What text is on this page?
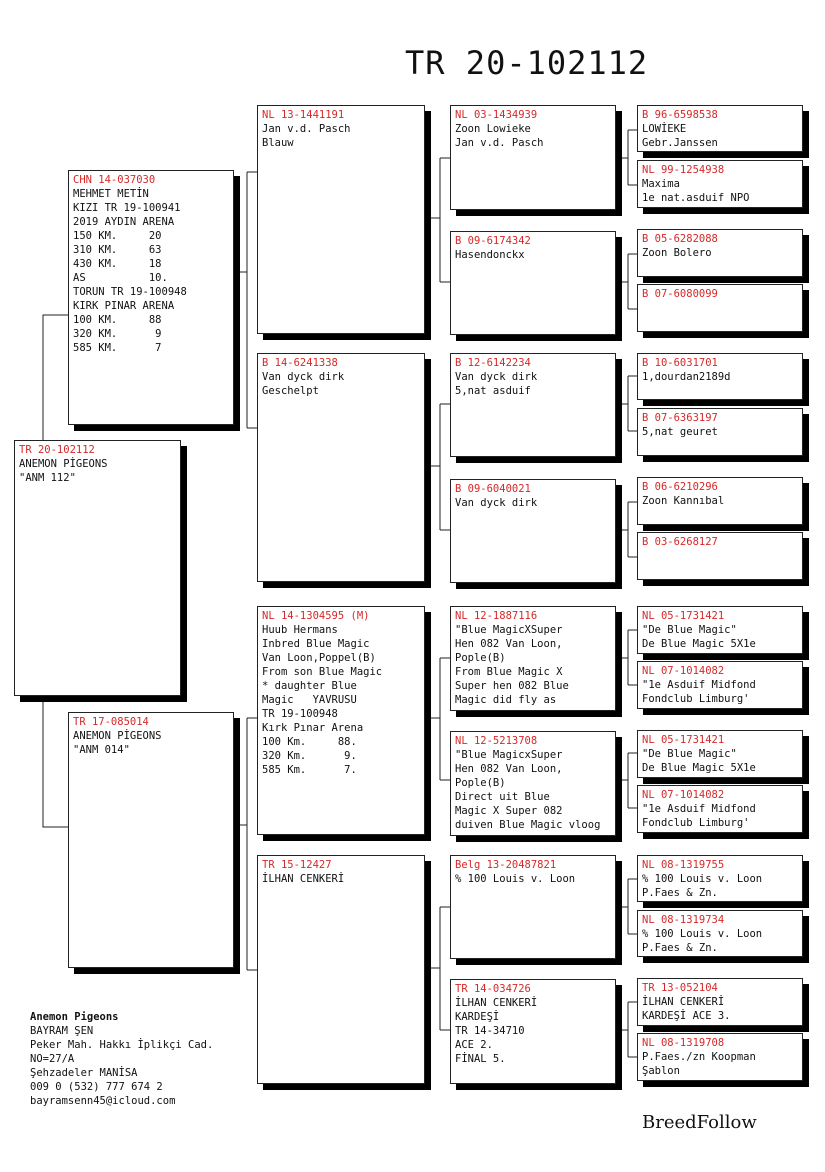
TR 20-102112
TR 20-102112
ANEMON PİGEONS
"ANM 112"
CHN 14-037030
MEHMET METİN
KIZI TR 19-100941
2019 AYDIN ARENA
150 KM.     20
310 KM.     63
430 KM.     18
AS          10.
TORUN TR 19-100948
KIRK PINAR ARENA
100 KM.     88
320 KM.      9
585 KM.      7
TR 17-085014
ANEMON PİGEONS
"ANM 014"
NL 13-1441191
Jan v.d. Pasch
Blauw
B 14-6241338
Van dyck dirk
Geschelpt
NL 14-1304595 (M)
Huub Hermans
Inbred Blue Magic
Van Loon,Poppel(B)
From son Blue Magic
* daughter Blue
Magic   YAVRUSU
TR 19-100948
Kırk Pınar Arena
100 Km.     88.
320 Km.      9.
585 Km.      7.
TR 15-12427
İLHAN CENKERİ
NL 03-1434939
Zoon Lowieke
Jan v.d. Pasch
B 09-6174342
Hasendonckx
B 12-6142234
Van dyck dirk
5,nat asduif
B 09-6040021
Van dyck dirk
NL 12-1887116
"Blue MagicXSuper
Hen 082 Van Loon,
Pople(B)
From Blue Magic X
Super hen 082 Blue
Magic did fly as
NL 12-5213708
"Blue MagicxSuper
Hen 082 Van Loon,
Pople(B)
Direct uit Blue
Magic X Super 082
duiven Blue Magic vloog
Belg 13-20487821
% 100 Louis v. Loon
TR 14-034726
İLHAN CENKERİ
KARDEŞİ
TR 14-34710
ACE 2.
FİNAL 5.
B 96-6598538
LOWİEKE
Gebr.Janssen
NL 99-1254938
Maxima
1e nat.asduif NPO
B 05-6282088
Zoon Bolero
B 07-6080099
B 10-6031701
1,dourdan2189d
B 07-6363197
5,nat geuret
B 06-6210296
Zoon Kannıbal
B 03-6268127
NL 05-1731421
"De Blue Magic"
De Blue Magic 5X1e
NL 07-1014082
"1e Asduif Midfond
Fondclub Limburg'
NL 05-1731421
"De Blue Magic"
De Blue Magic 5X1e
NL 07-1014082
"1e Asduif Midfond
Fondclub Limburg'
NL 08-1319755
% 100 Louis v. Loon
P.Faes & Zn.
NL 08-1319734
% 100 Louis v. Loon
P.Faes & Zn.
TR 13-052104
İLHAN CENKERİ
KARDEŞİ ACE 3.
NL 08-1319708
P.Faes./zn Koopman
Şablon
Anemon Pigeons
BAYRAM ŞEN
Peker Mah. Hakkı İplikçi Cad.
NO=27/A
Şehzadeler MANİSA
009 0 (532) 777 674 2
bayramsenn45@icloud.com
BreedFollow
